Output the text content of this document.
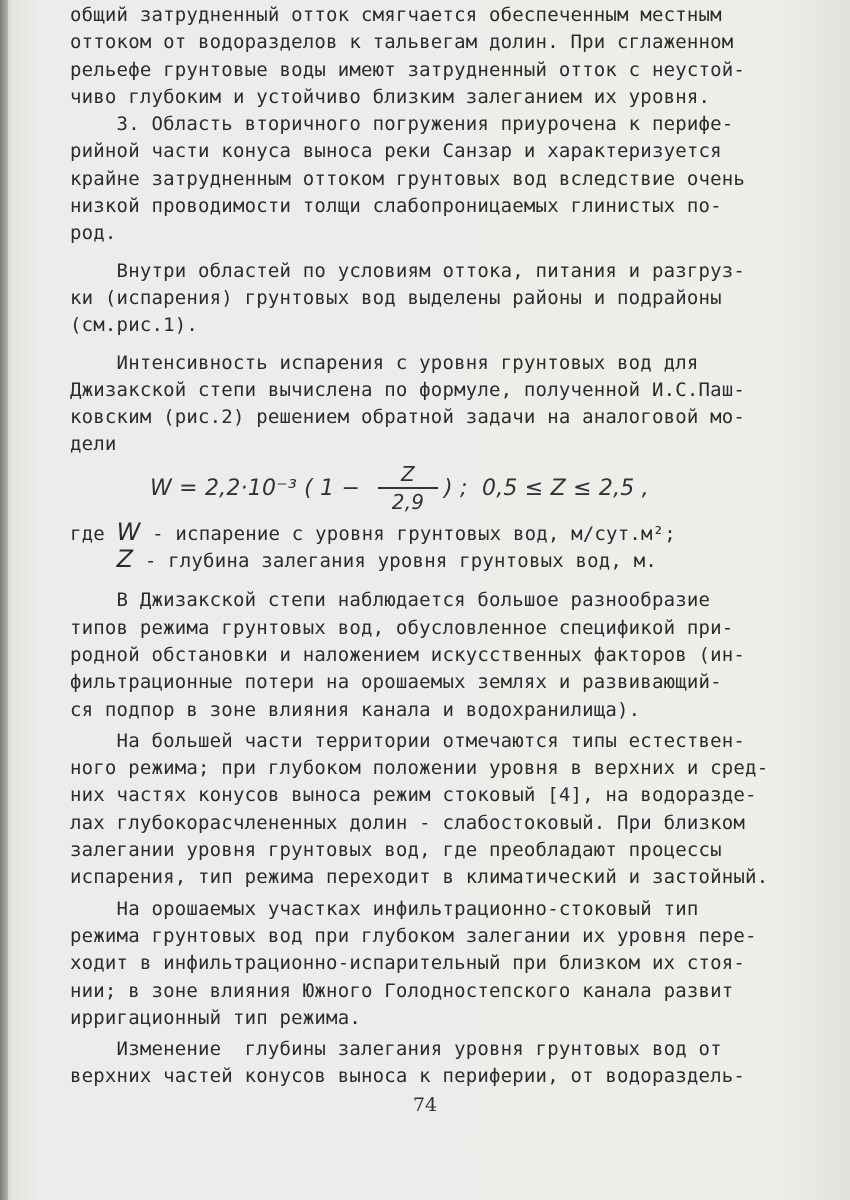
общий затрудненный отток смягчается обеспеченным местным
оттоком от водоразделов к тальвегам долин. При сглаженном
рельефе грунтовые воды имеют затрудненный отток с неустой-
чиво глубоким и устойчиво близким залеганием их уровня.
3. Область вторичного погружения приурочена к перифе-
рийной части конуса выноса реки Санзар и характеризуется
крайне затрудненным оттоком грунтовых вод вследствие очень
низкой проводимости толщи слабопроницаемых глинистых по-
род.
Внутри областей по условиям оттока, питания и разгруз-
ки (испарения) грунтовых вод выделены районы и подрайоны
(см.рис.1).
Интенсивность испарения с уровня грунтовых вод для
Джизакской степи вычислена по формуле, полученной И.С.Паш-
ковским (рис.2) решением обратной задачи на аналоговой мо-
дели
W = 2,2·10⁻³ ( 1 −
Z
2,9
) ; 0,5 ≤ Z ≤ 2,5 ,
где W - испарение с уровня грунтовых вод, м/сут.м²;
Z - глубина залегания уровня грунтовых вод, м.
В Джизакской степи наблюдается большое разнообразие
типов режима грунтовых вод, обусловленное спецификой при-
родной обстановки и наложением искусственных факторов (ин-
фильтрационные потери на орошаемых землях и развивающий-
ся подпор в зоне влияния канала и водохранилища).
На большей части территории отмечаются типы естествен-
ного режима; при глубоком положении уровня в верхних и сред-
них частях конусов выноса режим стоковый [4], на водоразде-
лах глубокорасчлененных долин - слабостоковый. При близком
залегании уровня грунтовых вод, где преобладают процессы
испарения, тип режима переходит в климатический и застойный.
На орошаемых участках инфильтрационно-стоковый тип
режима грунтовых вод при глубоком залегании их уровня пере-
ходит в инфильтрационно-испарительный при близком их стоя-
нии; в зоне влияния Южного Голодностепского канала развит
ирригационный тип режима.
Изменение  глубины залегания уровня грунтовых вод от
верхних частей конусов выноса к периферии, от водораздель-
74
